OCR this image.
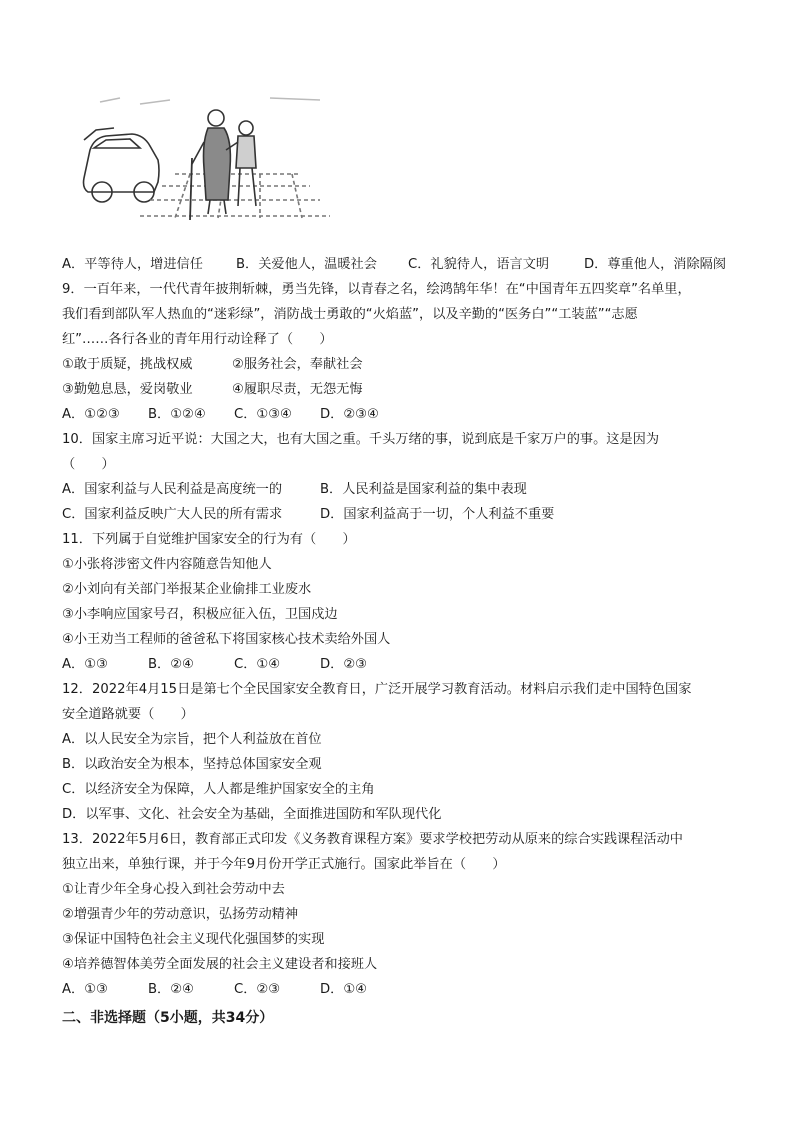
A．平等待人，增进信任	B．关爱他人，温暖社会	C．礼貌待人，语言文明	D．尊重他人，消除隔阂
9．一百年来，一代代青年披荆斩棘，勇当先锋，以青春之名，绘鸿鹄年华！在“中国青年五四奖章”名单里，
我们看到部队军人热血的“迷彩绿”，消防战士勇敢的“火焰蓝”，以及辛勤的“医务白”“工装蓝”“志愿
红”……各行各业的青年用行动诠释了（　　）
①敢于质疑，挑战权威	②服务社会，奉献社会
③勤勉息恳，爱岗敬业	④履职尽责，无怨无悔
A．①②③	B．①②④	C．①③④	D．②③④
10．国家主席习近平说：大国之大，也有大国之重。千头万绪的事，说到底是千家万户的事。这是因为
（　　）
A．国家利益与人民利益是高度统一的	B．人民利益是国家利益的集中表现
C．国家利益反映广大人民的所有需求	D．国家利益高于一切，个人利益不重要
11．下列属于自觉维护国家安全的行为有（　　）
①小张将涉密文件内容随意告知他人
②小刘向有关部门举报某企业偷排工业废水
③小李响应国家号召，积极应征入伍，卫国戍边
④小王劝当工程师的爸爸私下将国家核心技术卖给外国人
A．①③	B．②④	C．①④	D．②③
12．2022年4月15日是第七个全民国家安全教育日，广泛开展学习教育活动。材料启示我们走中国特色国家
安全道路就要（　　）
A．以人民安全为宗旨，把个人利益放在首位
B．以政治安全为根本，坚持总体国家安全观
C．以经济安全为保障，人人都是维护国家安全的主角
D．以军事、文化、社会安全为基础，全面推进国防和军队现代化
13．2022年5月6日，教育部正式印发《义务教育课程方案》要求学校把劳动从原来的综合实践课程活动中
独立出来，单独行课，并于今年9月份开学正式施行。国家此举旨在（　　）
①让青少年全身心投入到社会劳动中去
②增强青少年的劳动意识，弘扬劳动精神
③保证中国特色社会主义现代化强国梦的实现
④培养德智体美劳全面发展的社会主义建设者和接班人
A．①③	B．②④	C．②③	D．①④
二、非选择题（5小题，共34分）
